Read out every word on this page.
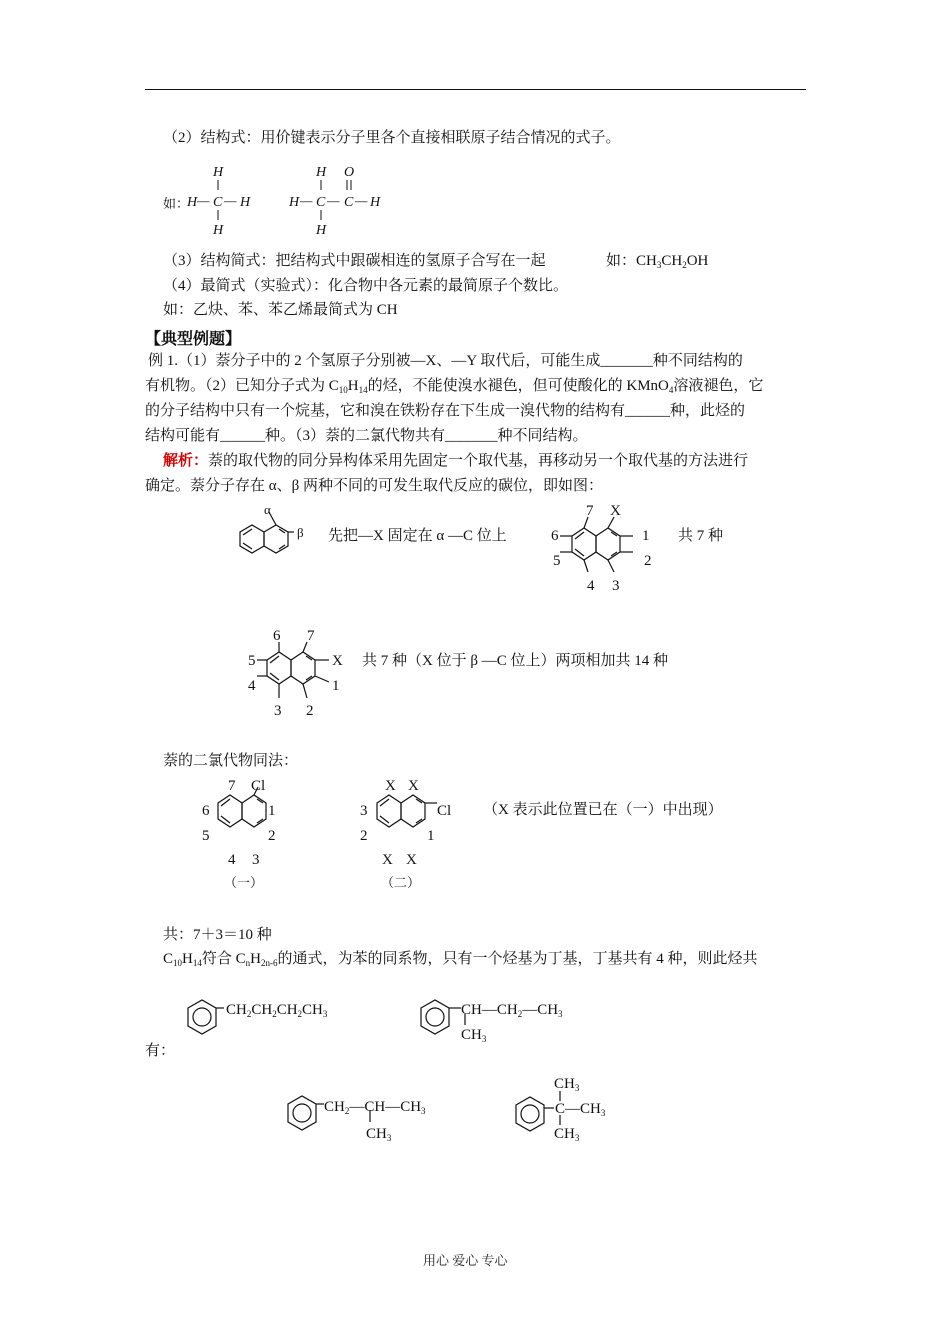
（2）结构式：用价键表示分子里各个直接相联原子结合情况的式子。
如：
H
H — C — H
H
H O
H — C — C — H
H
（3）结构简式：把结构式中跟碳相连的氢原子合写在一起	如：$CH_3CH_2OH$
（4）最简式（实验式）：化合物中各元素的最简原子个数比。
如：乙炔、苯、苯乙烯最简式为 CH
【典型例题】
例 1.（1）萘分子中的 2 个氢原子分别被—X、—Y 取代后，可能生成_______种不同结构的
有机物。（2）已知分子式为 $C_{10}H_{14}$的烃，不能使溴水褪色，但可使酸化的 KMnO$_4$溶液褪色，它
的分子结构中只有一个烷基，它和溴在铁粉存在下生成一溴代物的结构有______种，此烃的
结构可能有______种。（3）萘的二氯代物共有_______种不同结构。
解析：萘的取代物的同分异构体采用先固定一个取代基，再移动另一个取代基的方法进行
确定。萘分子存在 α、β 两种不同的可发生取代反应的碳位，即如图：
α
β 先把—X 固定在 α —C 位上
7 X
1
2
3
4
5
6	共 7 种
6 7
X
1
2
3
4
5	共 7 种（X 位于 β —C 位上）两项相加共 14 种
萘的二氯代物同法：
7 Cl
1
2
3
4
5
6
（一）
X X
Cl
1
2
3
X X
（二）
（X 表示此位置已在（一）中出现）
共：7＋3＝10 种
$C_{10}H_{14}$符合 $C_nH_{2n-6}$的通式，为苯的同系物，只有一个烃基为丁基，丁基共有 4 种，则此烃共
有：
$CH_2CH_2CH_2CH_3$	$CH—CH_2—CH_3$
$CH_3$
$CH_2—CH—CH_3$
$CH_3$
$CH_3$
$C—CH_3$
$CH_3$
用心 爱心 专心
